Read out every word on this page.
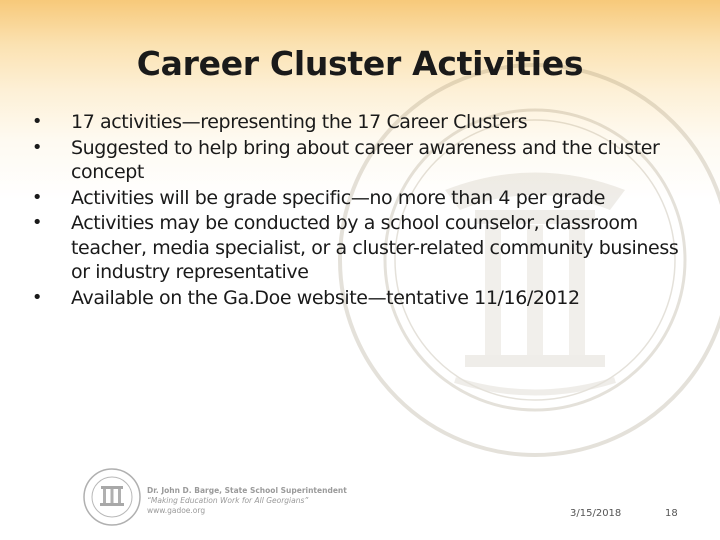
Career Cluster Activities
• 17 activities—representing the 17 Career Clusters
• Suggested to help bring about career awareness and the cluster concept
• Activities will be grade specific—no more than 4 per grade
• Activities may be conducted by a school counselor, classroom teacher, media specialist, or a cluster-related community business or industry representative
• Available on the Ga.Doe website—tentative 11/16/2012
Dr. John D. Barge, State School Superintendent
“Making Education Work for All Georgians”
www.gadoe.org	3/15/2018	18
